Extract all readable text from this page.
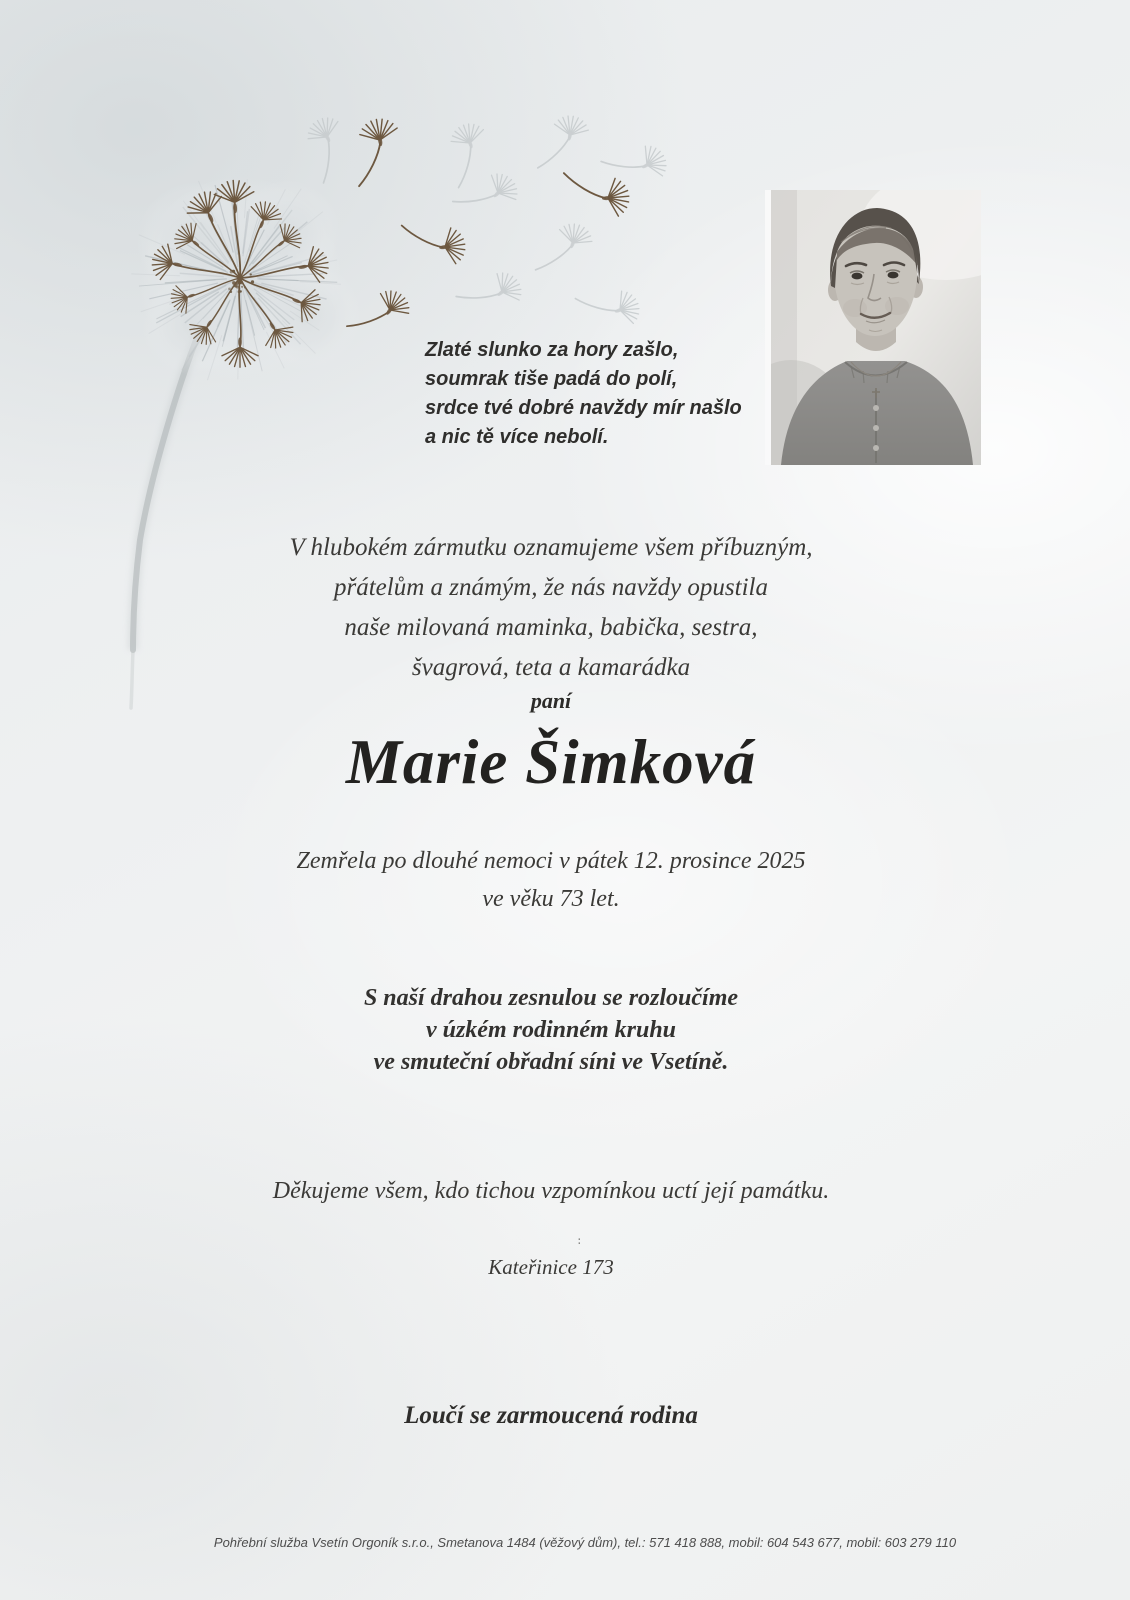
Zlaté slunko za hory zašlo,
soumrak tiše padá do polí,
srdce tvé dobré navždy mír našlo
a nic tě více nebolí.
V hlubokém zármutku oznamujeme všem příbuzným,
přátelům a známým, že nás navždy opustila
naše milovaná maminka, babička, sestra,
švagrová, teta a kamarádka
paní
Marie Šimková
Zemřela po dlouhé nemoci v pátek 12. prosince 2025
ve věku 73 let.
S naší drahou zesnulou se rozloučíme
v úzkém rodinném kruhu
ve smuteční obřadní síni ve Vsetíně.
Děkujeme všem, kdo tichou vzpomínkou uctí její památku.
:
Kateřinice 173
Loučí se zarmoucená rodina
Pohřební služba Vsetín Orgoník s.r.o., Smetanova 1484 (věžový dům), tel.: 571 418 888, mobil: 604 543 677, mobil: 603 279 110
